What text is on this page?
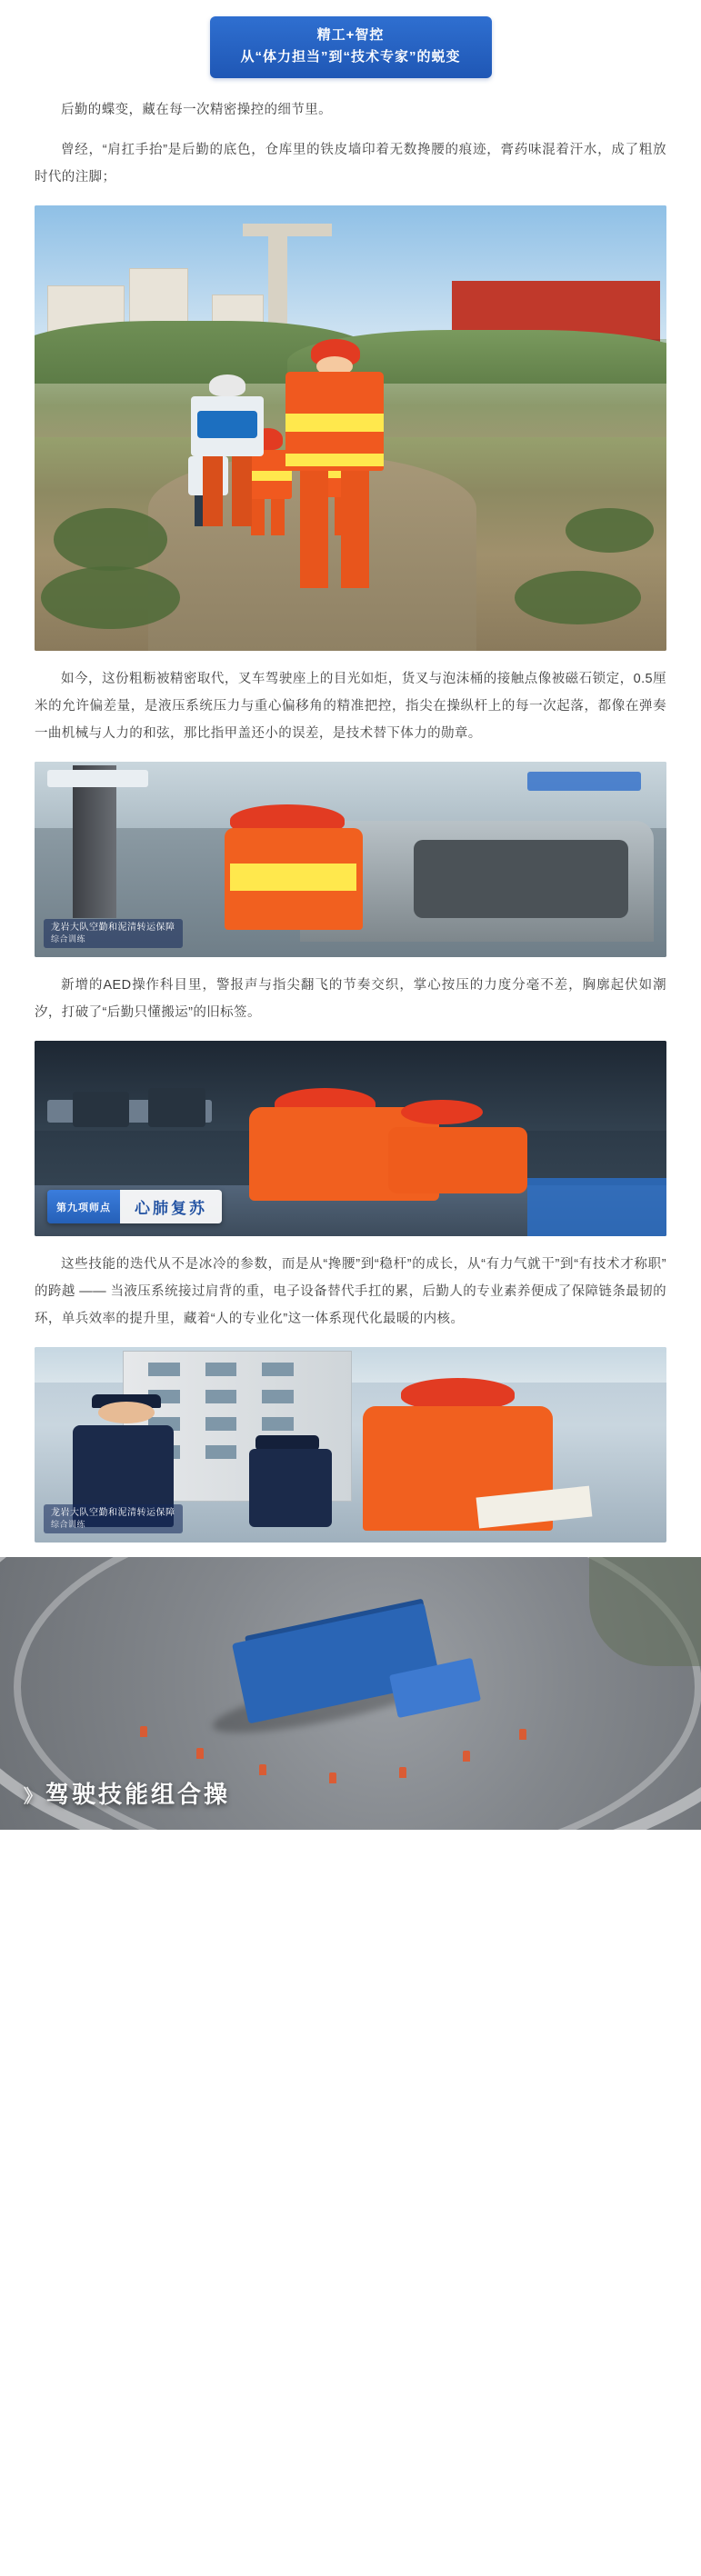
精工+智控
从“体力担当”到“技术专家”的蜕变

后勤的蝶变，藏在每一次精密操控的细节里。

曾经，“肩扛手抬”是后勤的底色，仓库里的铁皮墙印着无数搀腰的痕迹，膏药味混着汗水，成了粗放时代的注脚；

如今，这份粗粝被精密取代，叉车驾驶座上的目光如炬，货叉与泡沫桶的接触点像被磁石锁定，0.5厘米的允许偏差量，是液压系统压力与重心偏移角的精准把控，指尖在操纵杆上的每一次起落，都像在弹奏一曲机械与人力的和弦，那比指甲盖还小的误差，是技术替下体力的勋章。

龙岩大队空勤和泥清转运保障
综合训练

新增的AED操作科目里，警报声与指尖翻飞的节奏交织，掌心按压的力度分毫不差，胸廓起伏如潮汐，打破了“后勤只懂搬运”的旧标签。

第九项师点	心肺复苏

这些技能的迭代从不是冰冷的参数，而是从“搀腰”到“稳杆”的成长，从“有力气就干”到“有技术才称职”的跨越 —— 当液压系统接过肩背的重，电子设备替代手扛的累，后勤人的专业素养便成了保障链条最韧的环，单兵效率的提升里，藏着“人的专业化”这一体系现代化最暖的内核。

龙岩大队空勤和泥清转运保障
综合训练
》 驾驶技能组合操
